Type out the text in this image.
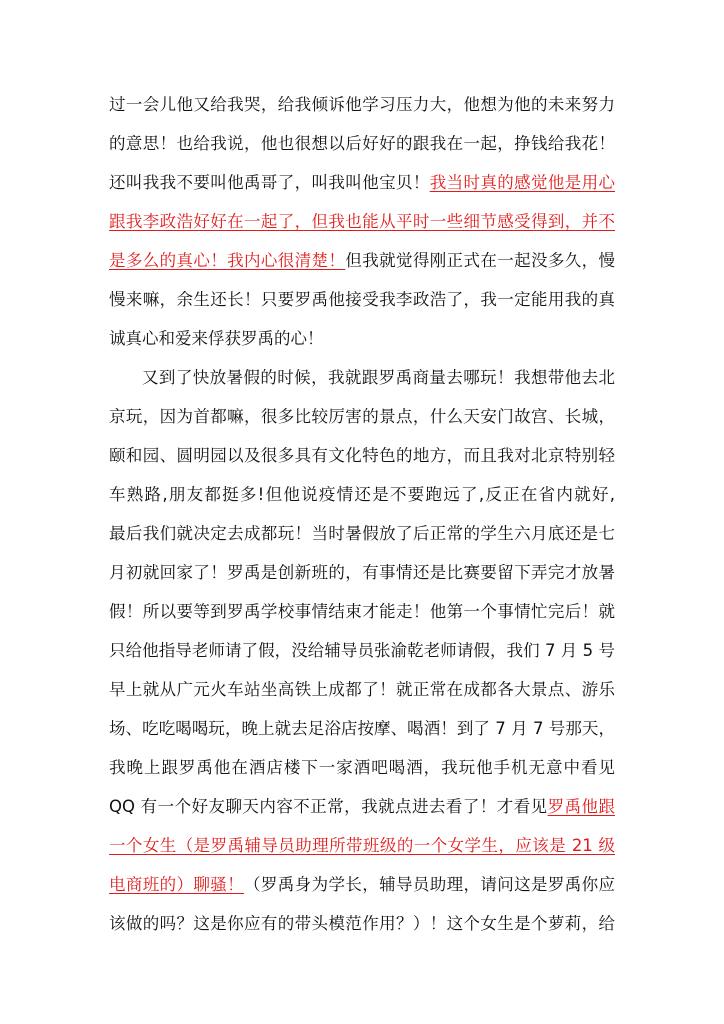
过一会儿他又给我哭，给我倾诉他学习压力大，他想为他的未来努力
的意思！也给我说，他也很想以后好好的跟我在一起，挣钱给我花！
还叫我我不要叫他禹哥了，叫我叫他宝贝！我当时真的感觉他是用心
跟我李政浩好好在一起了，但我也能从平时一些细节感受得到，并不
是多么的真心！我内心很清楚！但我就觉得刚正式在一起没多久，慢
慢来嘛，余生还长！只要罗禹他接受我李政浩了，我一定能用我的真
诚真心和爱来俘获罗禹的心！
又到了快放暑假的时候，我就跟罗禹商量去哪玩！我想带他去北
京玩，因为首都嘛，很多比较厉害的景点，什么天安门故宫、长城，
颐和园、圆明园以及很多具有文化特色的地方，而且我对北京特别轻
车熟路,朋友都挺多!但他说疫情还是不要跑远了,反正在省内就好,
最后我们就决定去成都玩！当时暑假放了后正常的学生六月底还是七
月初就回家了！罗禹是创新班的，有事情还是比赛要留下弄完才放暑
假！所以要等到罗禹学校事情结束才能走！他第一个事情忙完后！就
只给他指导老师请了假，没给辅导员张渝乾老师请假，我们 7 月 5 号
早上就从广元火车站坐高铁上成都了！就正常在成都各大景点、游乐
场、吃吃喝喝玩，晚上就去足浴店按摩、喝酒！到了 7 月 7 号那天，
我晚上跟罗禹他在酒店楼下一家酒吧喝酒，我玩他手机无意中看见
QQ 有一个好友聊天内容不正常，我就点进去看了！才看见罗禹他跟
一个女生（是罗禹辅导员助理所带班级的一个女学生，应该是 21 级
电商班的）聊骚！（罗禹身为学长，辅导员助理，请问这是罗禹你应
该做的吗？这是你应有的带头模范作用？）！这个女生是个萝莉，给
